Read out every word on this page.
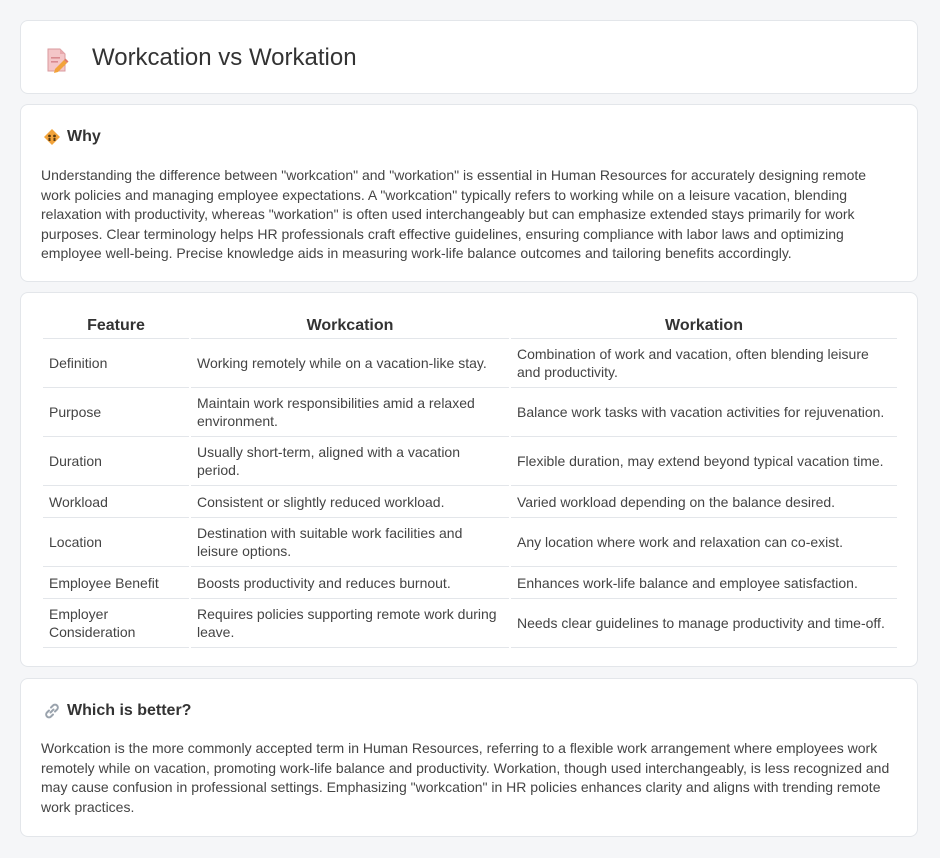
Workcation vs Workation
Why

Understanding the difference between "workcation" and "workation" is essential in Human Resources for accurately designing remote work policies and managing employee expectations. A "workcation" typically refers to working while on a leisure vacation, blending relaxation with productivity, whereas "workation" is often used interchangeably but can emphasize extended stays primarily for work purposes. Clear terminology helps HR professionals craft effective guidelines, ensuring compliance with labor laws and optimizing employee well-being. Precise knowledge aids in measuring work-life balance outcomes and tailoring benefits accordingly.

Feature	Workcation	Workation
Definition	Working remotely while on a vacation-like stay.	Combination of work and vacation, often blending leisure and productivity.
Purpose	Maintain work responsibilities amid a relaxed environment.	Balance work tasks with vacation activities for rejuvenation.
Duration	Usually short-term, aligned with a vacation period.	Flexible duration, may extend beyond typical vacation time.
Workload	Consistent or slightly reduced workload.	Varied workload depending on the balance desired.
Location	Destination with suitable work facilities and leisure options.	Any location where work and relaxation can co-exist.
Employee Benefit	Boosts productivity and reduces burnout.	Enhances work-life balance and employee satisfaction.
Employer Consideration	Requires policies supporting remote work during leave.	Needs clear guidelines to manage productivity and time-off.
Which is better?

Workcation is the more commonly accepted term in Human Resources, referring to a flexible work arrangement where employees work remotely while on vacation, promoting work-life balance and productivity. Workation, though used interchangeably, is less recognized and may cause confusion in professional settings. Emphasizing "workcation" in HR policies enhances clarity and aligns with trending remote work practices.
